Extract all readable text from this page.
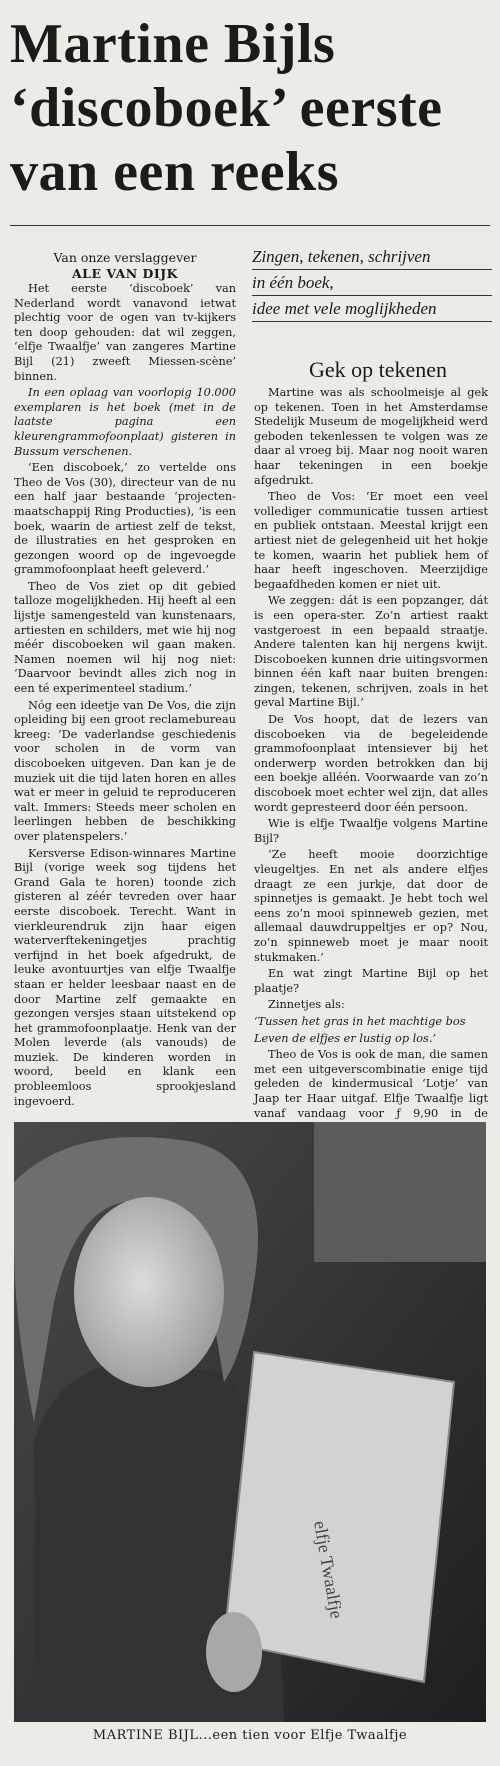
Martine Bijls
‘discoboek’ eerste
van een reeks
Van onze verslaggever
ALE VAN DIJK

Het eerste ‘discoboek’ van Nederland wordt vanavond ietwat plechtig voor de ogen van tv-kijkers ten doop gehouden: dat wil zeggen, ‘elfje Twaalfje’ van zangeres Martine Bijl (21) zweeft Miessen-scène’ binnen.

In een oplaag van voorlopig 10.000 exemplaren is het boek (met in de laatste pagina een kleurengrammofoonplaat) gisteren in Bussum verschenen.

‘Een discoboek,’ zo vertelde ons Theo de Vos (30), directeur van de nu een half jaar bestaande ‘projecten-maatschappij Ring Producties), ‘is een boek, waarin de artiest zelf de tekst, de illustraties en het gesproken en gezongen woord op de ingevoegde grammofoonplaat heeft geleverd.’

Theo de Vos ziet op dit gebied talloze mogelijkheden. Hij heeft al een lijstje samengesteld van kunstenaars, artiesten en schilders, met wie hij nog méér discoboeken wil gaan maken. Namen noemen wil hij nog niet: ‘Daarvoor bevindt alles zich nog in een té experimenteel stadium.’

Nóg een ideetje van De Vos, die zijn opleiding bij een groot reclamebureau kreeg: ‘De vaderlandse geschiedenis voor scholen in de vorm van discoboeken uitgeven. Dan kan je de muziek uit die tijd laten horen en alles wat er meer in geluid te reproduceren valt. Immers: Steeds meer scholen en leerlingen hebben de beschikking over platenspelers.’

Kersverse Edison-winnares Martine Bijl (vorige week sog tijdens het Grand Gala te horen) toonde zich gisteren al zéér tevreden over haar eerste discoboek. Terecht. Want in vierkleurendruk zijn haar eigen waterverftekeningetjes prachtig verfijnd in het boek afgedrukt, de leuke avontuurtjes van elfje Twaalfje staan er helder leesbaar naast en de door Martine zelf gemaakte en gezongen versjes staan uitstekend op het grammofoonplaatje. Henk van der Molen leverde (als vanouds) de muziek. De kinderen worden in woord, beeld en klank een probleemloos sprookjesland ingevoerd.

Zingen, tekenen, schrijven
in één boek,
idee met vele moglijkheden

Gek op tekenen

Martine was als schoolmeisje al gek op tekenen. Toen in het Amsterdamse Stedelijk Museum de mogelijkheid werd geboden tekenlessen te volgen was ze daar al vroeg bij. Maar nog nooit waren haar tekeningen in een boekje afgedrukt.

Theo de Vos: ‘Er moet een veel vollediger communicatie tussen artiest en publiek ontstaan. Meestal krijgt een artiest niet de gelegenheid uit het hokje te komen, waarin het publiek hem of haar heeft ingeschoven. Meerzijdige begaafdheden komen er niet uit.

We zeggen: dát is een popzanger, dát is een opera-ster. Zo’n artiest raakt vastgeroest in een bepaald straatje. Andere talenten kan hij nergens kwijt. Discoboeken kunnen drie uitingsvormen binnen één kaft naar buiten brengen: zingen, tekenen, schrijven, zoals in het geval Martine Bijl.’

De Vos hoopt, dat de lezers van discoboeken via de begeleidende grammofoonplaat intensiever bij het onderwerp worden betrokken dan bij een boekje alléén. Voorwaarde van zo’n discoboek moet echter wel zijn, dat alles wordt gepresteerd door één persoon.

Wie is elfje Twaalfje volgens Martine Bijl?

‘Ze heeft mooie doorzichtige vleugeltjes. En net als andere elfjes draagt ze een jurkje, dat door de spinnetjes is gemaakt. Je hebt toch wel eens zo’n mooi spinneweb gezien, met allemaal dauwdruppeltjes er op? Nou, zo’n spinneweb moet je maar nooit stukmaken.’

En wat zingt Martine Bijl op het plaatje?

Zinnetjes als:

‘Tussen het gras in het machtige bos

Leven de elfjes er lustig op los.’

Theo de Vos is ook de man, die samen met een uitgeverscombinatie enige tijd geleden de kindermusical ‘Lotje’ van Jaap ter Haar uitgaf. Elfje Twaalfje ligt vanaf vandaag voor ƒ 9,90 in de

elfje Twaalfje
MARTINE BIJL...een tien voor Elfje Twaalfje
